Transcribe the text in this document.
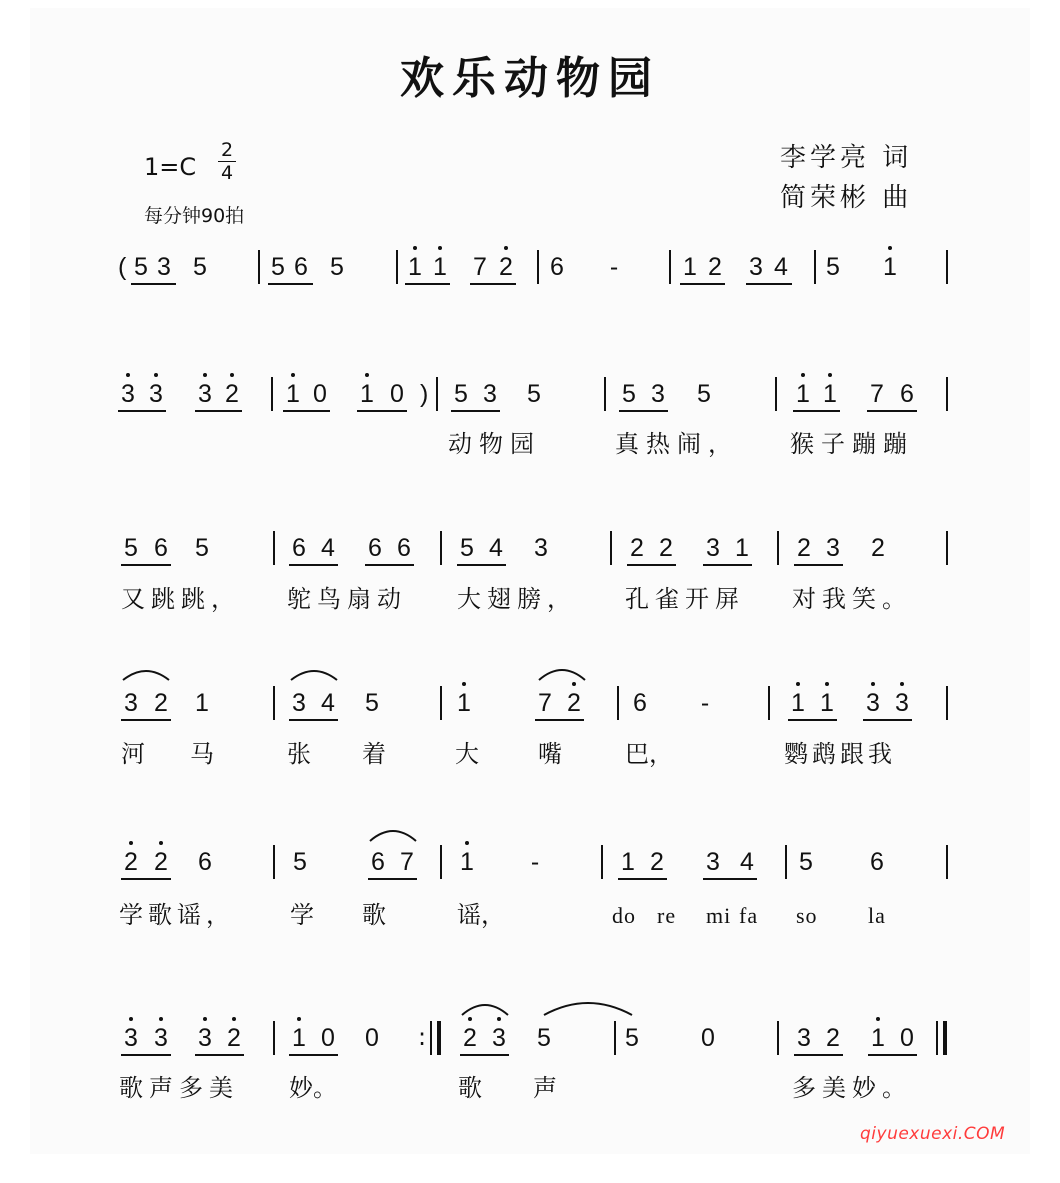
欢乐动物园
1=C
2
4
每分钟90拍
李学亮 词
简荣彬 曲
( 5 3 5	5 6 5	1 1 7 2 6 -	1 2 3 4 5 1
3 3 3 2 1 0 1 0 ) 5 3 5	5 3 5	1 1 7 6
动物园	真热闹， 猴子蹦蹦
5 6 5	6 4 6 6 5 4 3	2 2 3 1 2 3 2
又跳跳， 鸵鸟扇动 大翅膀， 孔雀开屏 对我笑。
3 2 1	3 4 5	1	7 2 6 -	1 1 3 3
河 马	张 着	大 嘴	巴，	鹦鹉跟我
2 2 6	5	6 7 1 -	1 2 3 4 5 6
学歌谣， 学 歌	谣，	do re mi fa so la
3 3 3 2 1 0 0 : 2 3 5	5 0	3 2 1 0
歌声多美 妙。	歌 声	多美妙。
qiyuexuexi.COM
